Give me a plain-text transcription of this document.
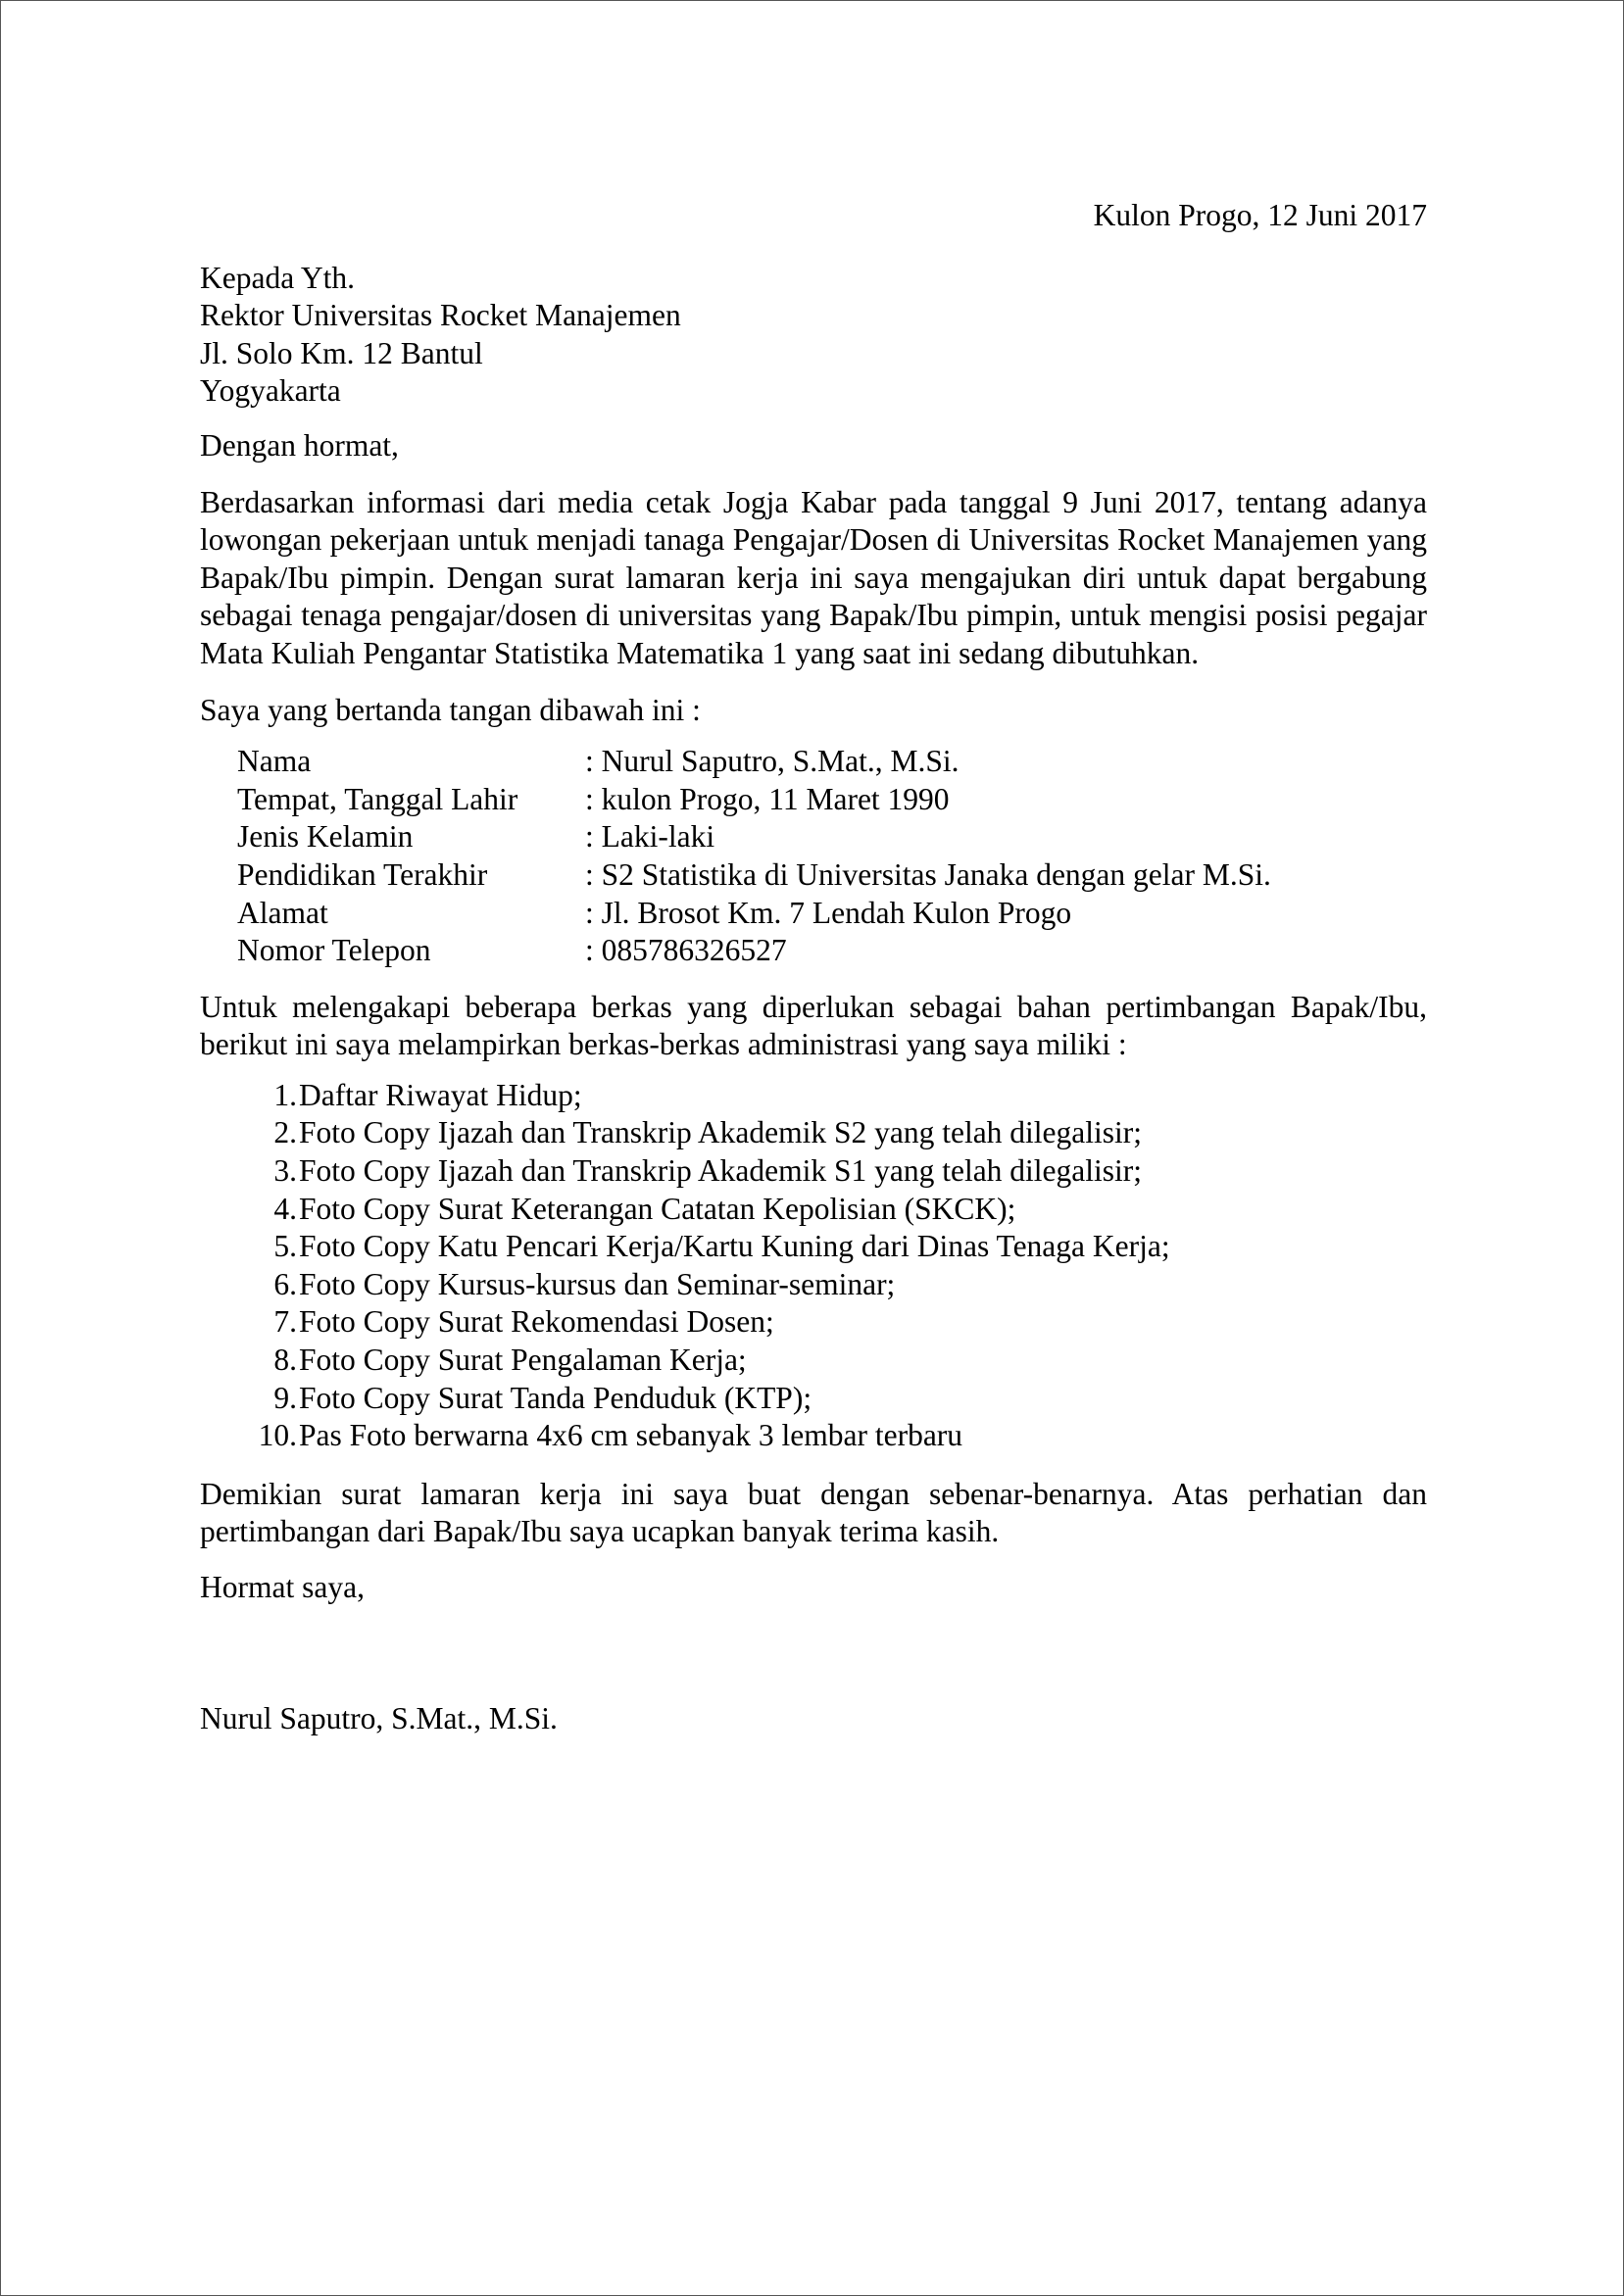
Kulon Progo, 12 Juni 2017

Kepada Yth.
Rektor Universitas Rocket Manajemen
Jl. Solo Km. 12 Bantul
Yogyakarta

Dengan hormat,

Berdasarkan informasi dari media cetak Jogja Kabar pada tanggal 9 Juni 2017, tentang adanya lowongan pekerjaan untuk menjadi tanaga Pengajar/Dosen di Universitas Rocket Manajemen yang Bapak/Ibu pimpin. Dengan surat lamaran kerja ini saya mengajukan diri untuk dapat bergabung sebagai tenaga pengajar/dosen di universitas yang Bapak/Ibu pimpin, untuk mengisi posisi pegajar Mata Kuliah Pengantar Statistika Matematika 1 yang saat ini sedang dibutuhkan.

Saya yang bertanda tangan dibawah ini :

Nama	: Nurul Saputro, S.Mat., M.Si.
Tempat, Tanggal Lahir	: kulon Progo, 11 Maret 1990
Jenis Kelamin	: Laki-laki
Pendidikan Terakhir	: S2 Statistika di Universitas Janaka dengan gelar M.Si.
Alamat	: Jl. Brosot Km. 7 Lendah Kulon Progo
Nomor Telepon	: 085786326527

Untuk melengakapi beberapa berkas yang diperlukan sebagai bahan pertimbangan Bapak/Ibu, berikut ini saya melampirkan berkas-berkas administrasi yang saya miliki :

1. Daftar Riwayat Hidup;
2. Foto Copy Ijazah dan Transkrip Akademik S2 yang telah dilegalisir;
3. Foto Copy Ijazah dan Transkrip Akademik S1 yang telah dilegalisir;
4. Foto Copy Surat Keterangan Catatan Kepolisian (SKCK);
5. Foto Copy Katu Pencari Kerja/Kartu Kuning dari Dinas Tenaga Kerja;
6. Foto Copy Kursus-kursus dan Seminar-seminar;
7. Foto Copy Surat Rekomendasi Dosen;
8. Foto Copy Surat Pengalaman Kerja;
9. Foto Copy Surat Tanda Penduduk (KTP);
10. Pas Foto berwarna 4x6 cm sebanyak 3 lembar terbaru

Demikian surat lamaran kerja ini saya buat dengan sebenar-benarnya. Atas perhatian dan pertimbangan dari Bapak/Ibu saya ucapkan banyak terima kasih.

Hormat saya,

Nurul Saputro, S.Mat., M.Si.
